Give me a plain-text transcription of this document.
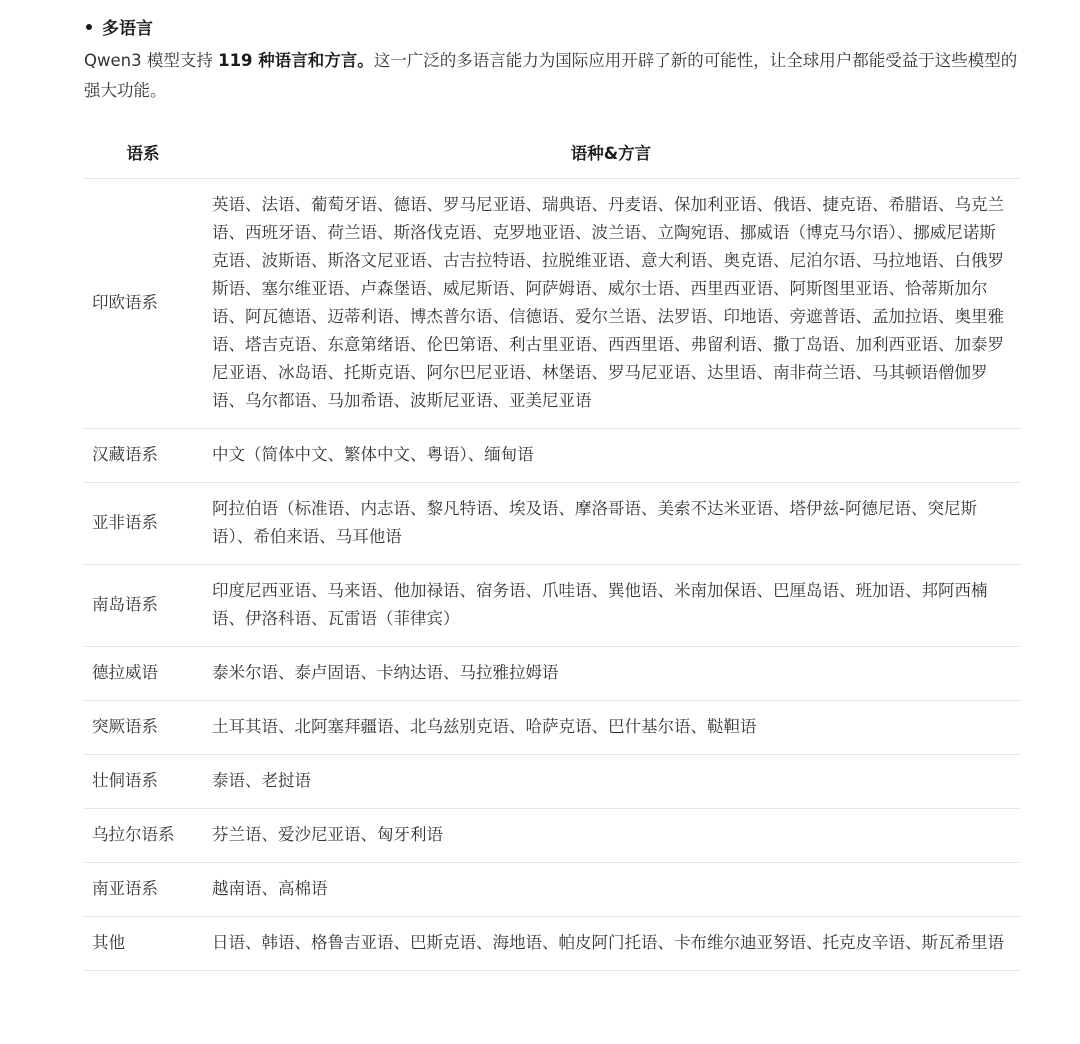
多语言
Qwen3 模型支持 119 种语言和方言。这一广泛的多语言能力为国际应用开辟了新的可能性，让全球用户都能受益于这些模型的强大功能。
语系	语种&方言
印欧语系	英语、法语、葡萄牙语、德语、罗马尼亚语、瑞典语、丹麦语、保加利亚语、俄语、捷克语、希腊语、乌克兰语、西班牙语、荷兰语、斯洛伐克语、克罗地亚语、波兰语、立陶宛语、挪威语（博克马尔语）、挪威尼诺斯克语、波斯语、斯洛文尼亚语、古吉拉特语、拉脱维亚语、意大利语、奥克语、尼泊尔语、马拉地语、白俄罗斯语、塞尔维亚语、卢森堡语、威尼斯语、阿萨姆语、威尔士语、西里西亚语、阿斯图里亚语、恰蒂斯加尔语、阿瓦德语、迈蒂利语、博杰普尔语、信德语、爱尔兰语、法罗语、印地语、旁遮普语、孟加拉语、奥里雅语、塔吉克语、东意第绪语、伦巴第语、利古里亚语、西西里语、弗留利语、撒丁岛语、加利西亚语、加泰罗尼亚语、冰岛语、托斯克语、阿尔巴尼亚语、林堡语、罗马尼亚语、达里语、南非荷兰语、马其顿语僧伽罗语、乌尔都语、马加希语、波斯尼亚语、亚美尼亚语
汉藏语系	中文（简体中文、繁体中文、粤语）、缅甸语
亚非语系	阿拉伯语（标准语、内志语、黎凡特语、埃及语、摩洛哥语、美索不达米亚语、塔伊兹-阿德尼语、突尼斯语）、希伯来语、马耳他语
南岛语系	印度尼西亚语、马来语、他加禄语、宿务语、爪哇语、巽他语、米南加保语、巴厘岛语、班加语、邦阿西楠语、伊洛科语、瓦雷语（菲律宾）
德拉威语	泰米尔语、泰卢固语、卡纳达语、马拉雅拉姆语
突厥语系	土耳其语、北阿塞拜疆语、北乌兹别克语、哈萨克语、巴什基尔语、鞑靼语
壮侗语系	泰语、老挝语
乌拉尔语系	芬兰语、爱沙尼亚语、匈牙利语
南亚语系	越南语、高棉语
其他	日语、韩语、格鲁吉亚语、巴斯克语、海地语、帕皮阿门托语、卡布维尔迪亚努语、托克皮辛语、斯瓦希里语
